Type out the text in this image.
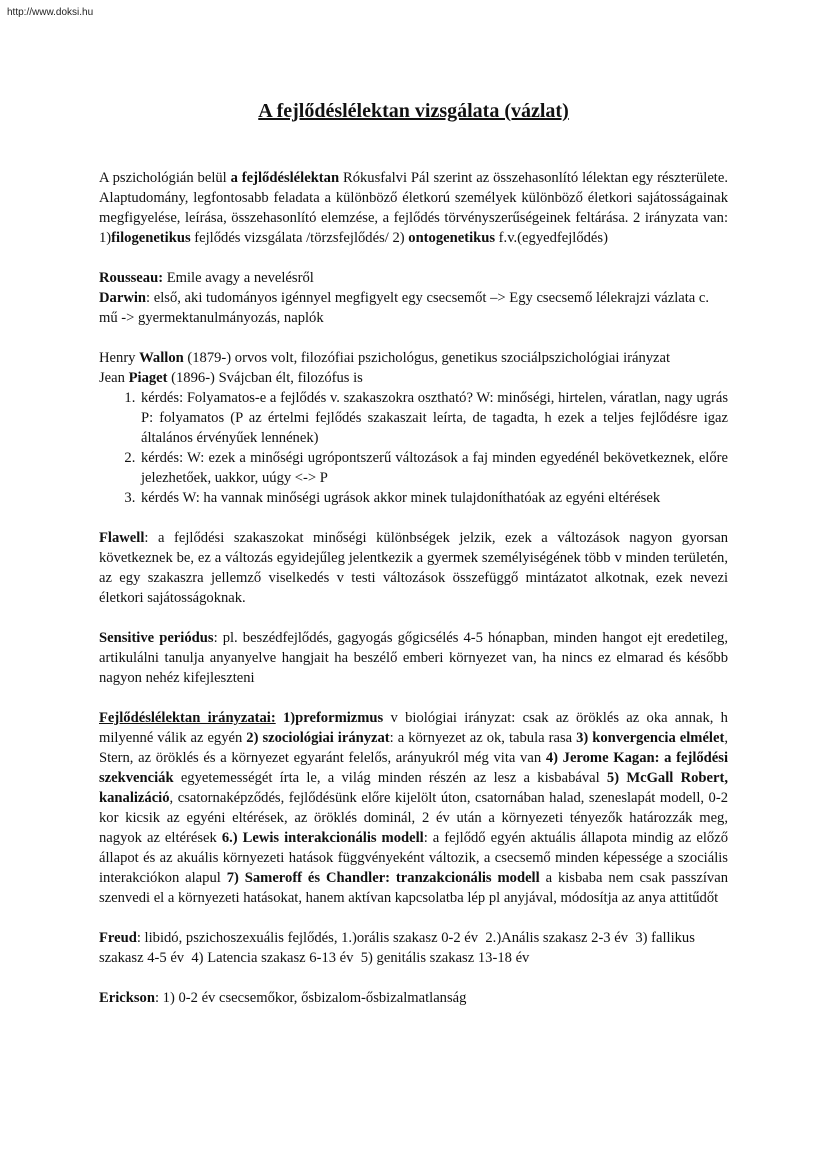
http://www.doksi.hu
A fejlődéslélektan vizsgálata (vázlat)

A pszichológián belül a fejlődéslélektan Rókusfalvi Pál szerint az összehasonlító lélektan egy részterülete. Alaptudomány, legfontosabb feladata a különböző életkorú személyek különböző életkori sajátosságainak megfigyelése, leírása, összehasonlító elemzése, a fejlődés törvényszerűségeinek feltárása. 2 irányzata van: 1)filogenetikus fejlődés vizsgálata /törzsfejlődés/ 2) ontogenetikus f.v.(egyedfejlődés)

Rousseau: Emile avagy a nevelésről

Darwin: első, aki tudományos igénnyel megfigyelt egy csecsemőt –> Egy csecsemő lélekrajzi vázlata c. mű -> gyermektanulmányozás, naplók

Henry Wallon (1879-) orvos volt, filozófiai pszichológus, genetikus szociálpszichológiai irányzat

Jean Piaget (1896-) Svájcban élt, filozófus is

1. kérdés: Folyamatos-e a fejlődés v. szakaszokra osztható? W: minőségi, hirtelen, váratlan, nagy ugrás P: folyamatos (P az értelmi fejlődés szakaszait leírta, de tagadta, h ezek a teljes fejlődésre igaz általános érvényűek lennének)
2. kérdés: W: ezek a minőségi ugrópontszerű változások a faj minden egyedénél bekövetkeznek, előre jelezhetőek, uakkor, uúgy <-> P
3. kérdés W: ha vannak minőségi ugrások akkor minek tulajdoníthatóak az egyéni eltérések

Flawell: a fejlődési szakaszokat minőségi különbségek jelzik, ezek a változások nagyon gyorsan következnek be, ez a változás egyidejűleg jelentkezik a gyermek személyiségének több v minden területén, az egy szakaszra jellemző viselkedés v testi változások összefüggő mintázatot alkotnak, ezek nevezi életkori sajátosságoknak.

Sensitive periódus: pl. beszédfejlődés, gagyogás gőgicsélés 4-5 hónapban, minden hangot ejt eredetileg, artikulálni tanulja anyanyelve hangjait ha beszélő emberi környezet van, ha nincs ez elmarad és később nagyon nehéz kifejleszteni

Fejlődéslélektan irányzatai: 1)preformizmus v biológiai irányzat: csak az öröklés az oka annak, h milyenné válik az egyén 2) szociológiai irányzat: a környezet az ok, tabula rasa 3) konvergencia elmélet, Stern, az öröklés és a környezet egyaránt felelős, arányukról még vita van 4) Jerome Kagan: a fejlődési szekvenciák egyetemességét írta le, a világ minden részén az lesz a kisbabával 5) McGall Robert, kanalizáció, csatornaképződés, fejlődésünk előre kijelölt úton, csatornában halad, szeneslapát modell, 0-2 kor kicsik az egyéni eltérések, az öröklés dominál, 2 év után a környezeti tényezők határozzák meg, nagyok az eltérések 6.) Lewis interakcionális modell: a fejlődő egyén aktuális állapota mindig az előző állapot és az akuális környezeti hatások függvényeként változik, a csecsemő minden képessége a szociális interakciókon alapul 7) Sameroff és Chandler: tranzakcionális modell a kisbaba nem csak passzívan szenvedi el a környezeti hatásokat, hanem aktívan kapcsolatba lép pl anyjával, módosítja az anya attitűdőt

Freud: libidó, pszichoszexuális fejlődés, 1.)orális szakasz 0-2 év  2.)Anális szakasz 2-3 év  3) fallikus szakasz 4-5 év  4) Latencia szakasz 6-13 év  5) genitális szakasz 13-18 év

Erickson: 1) 0-2 év csecsemőkor, ősbizalom-ősbizalmatlanság
